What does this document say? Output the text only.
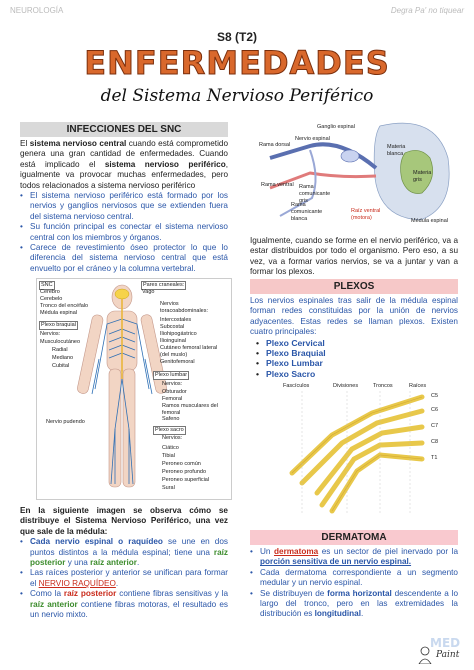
NEUROLOGÍA	Degra Pa' no tiquear
S8 (T2)
ENFERMEDADES
del Sistema Nervioso Periférico
INFECCIONES DEL SNC

El sistema nervioso central cuando está comprometido genera una gran cantidad de enfermedades. Cuando está implicado el sistema nervioso periférico, igualmente va provocar muchas enfermedades, pero todos relacionados a sistema nervioso periférico

• El sistema nervioso periférico está formado por los nervios y ganglios nerviosos que se extienden fuera del sistema nervioso central.

• Su función principal es conectar el sistema nervioso central con los miembros y órganos.

• Carece de revestimiento óseo protector lo que lo diferencia del sistema nervioso central que está envuelto por el cráneo y la columna vertebral.

SNC
Cerebro
Cerebelo
Tronco del encéfalo
Médula espinal
Plexo braquial
Nervios:
Musculocutáneo
Radial
Mediano
Cubital
Nervio pudendo
Pares craneales:
Vago
Nervios toracoabdominales:
Intercostales
Subcostal
Iliohipogástrico
Ilioinguinal
Cutáneo femoral lateral (del muslo)
Genitofemoral
Plexo lumbar
Nervios:
Obturador
Femoral
Ramos musculares del femoral
Safeno
Plexo sacro
Nervios:
Ciático
Tibial
Peroneo común
Peroneo profundo
Peroneo superficial
Sural

En la siguiente imagen se observa cómo se distribuye el Sistema Nervioso Periférico, una vez que sale de la médula:

• Cada nervio espinal o raquídeo se une en dos puntos distintos a la médula espinal; tiene una raíz posterior y una raíz anterior.

• Las raíces posterior y anterior se unifican para formar el NERVIO RAQUÍDEO.

• Como la raíz posterior contiene fibras sensitivas y la raíz anterior contiene fibras motoras, el resultado es un nervio mixto.

Ganglio espinal
Nervio espinal
Rama dorsal
Rama comunicante gris
Rama comunicante blanca
Rama ventral
Materia blanca
Materia gris
Raíz ventral (motora)	Médula espinal

Igualmente, cuando se forme en el nervio periférico, va a estar distribuidos por todo el organismo. Pero eso, a su vez, va a formar varios nervios, se va a juntar y van a formar los plexos.

PLEXOS

Los nervios espinales tras salir de la médula espinal forman redes constituidas por la unión de nervios adyacentes. Estas redes se llaman plexos. Existen cuatro principales:

• Plexo Cervical

• Plexo Braquial

• Plexo Lumbar

• Plexo Sacro

Fascículos	Divisiones	Troncos	Raíces
C5
C6
C7
C8
T1
DERMATOMA

• Un dermatoma es un sector de piel inervado por la porción sensitiva de un nervio espinal.

• Cada dermatoma correspondiente a un segmento medular y un nervio espinal.

• Se distribuyen de forma horizontal descendente a lo largo del tronco, pero en las extremidades la distribución es longitudinal.

MED
Paint
